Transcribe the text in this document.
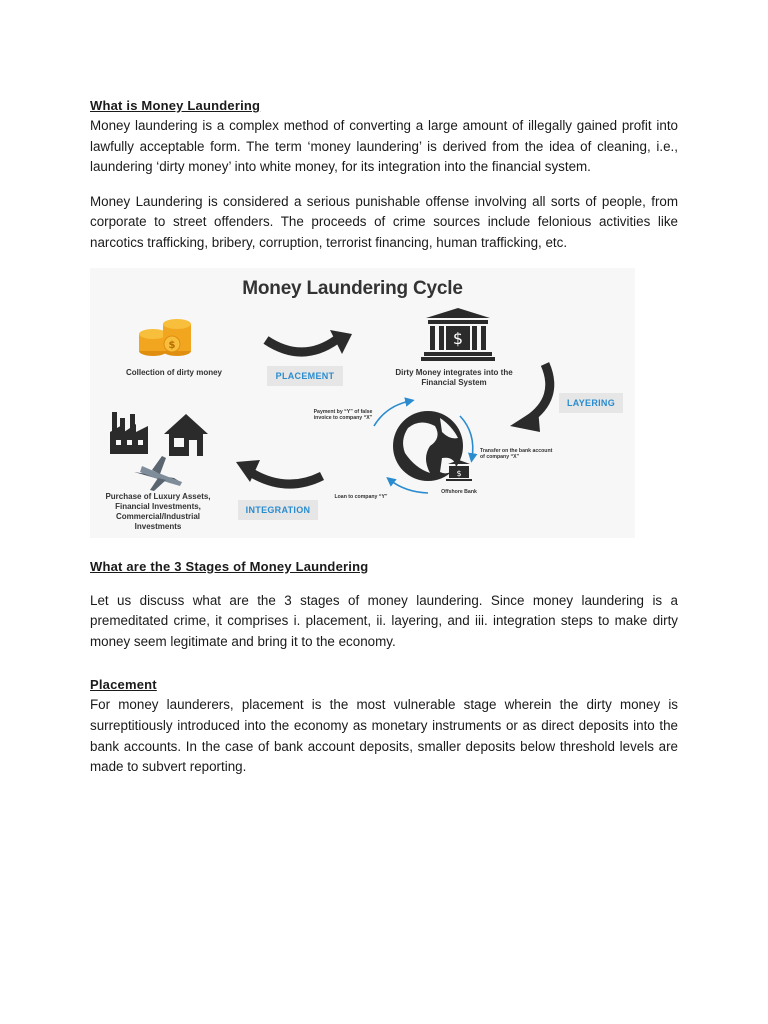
What is Money Laundering

Money laundering is a complex method of converting a large amount of illegally gained profit into lawfully acceptable form. The term ‘money laundering’ is derived from the idea of cleaning, i.e., laundering ‘dirty money’ into white money, for its integration into the financial system.

Money Laundering is considered a serious punishable offense involving all sorts of people, from corporate to street offenders. The proceeds of crime sources include felonious activities like narcotics trafficking, bribery, corruption, terrorist financing, human trafficking, etc.

$	$
$
Money Laundering Cycle
Collection of dirty money	PLACEMENT	Dirty Money integrates into the Financial System
LAYERING
Payment by “Y” of false invoice to company “X”
Transfer on the bank account of company “X”
Offshore Bank
Loan to company “Y”
Purchase of Luxury Assets, Financial Investments, Commercial/Industrial Investments
INTEGRATION
What are the 3 Stages of Money Laundering

Let us discuss what are the 3 stages of money laundering. Since money laundering is a premeditated crime, it comprises i. placement, ii. layering, and iii. integration steps to make dirty money seem legitimate and bring it to the economy.

Placement

For money launderers, placement is the most vulnerable stage wherein the dirty money is surreptitiously introduced into the economy as monetary instruments or as direct deposits into the bank accounts. In the case of bank account deposits, smaller deposits below threshold levels are made to subvert reporting.
